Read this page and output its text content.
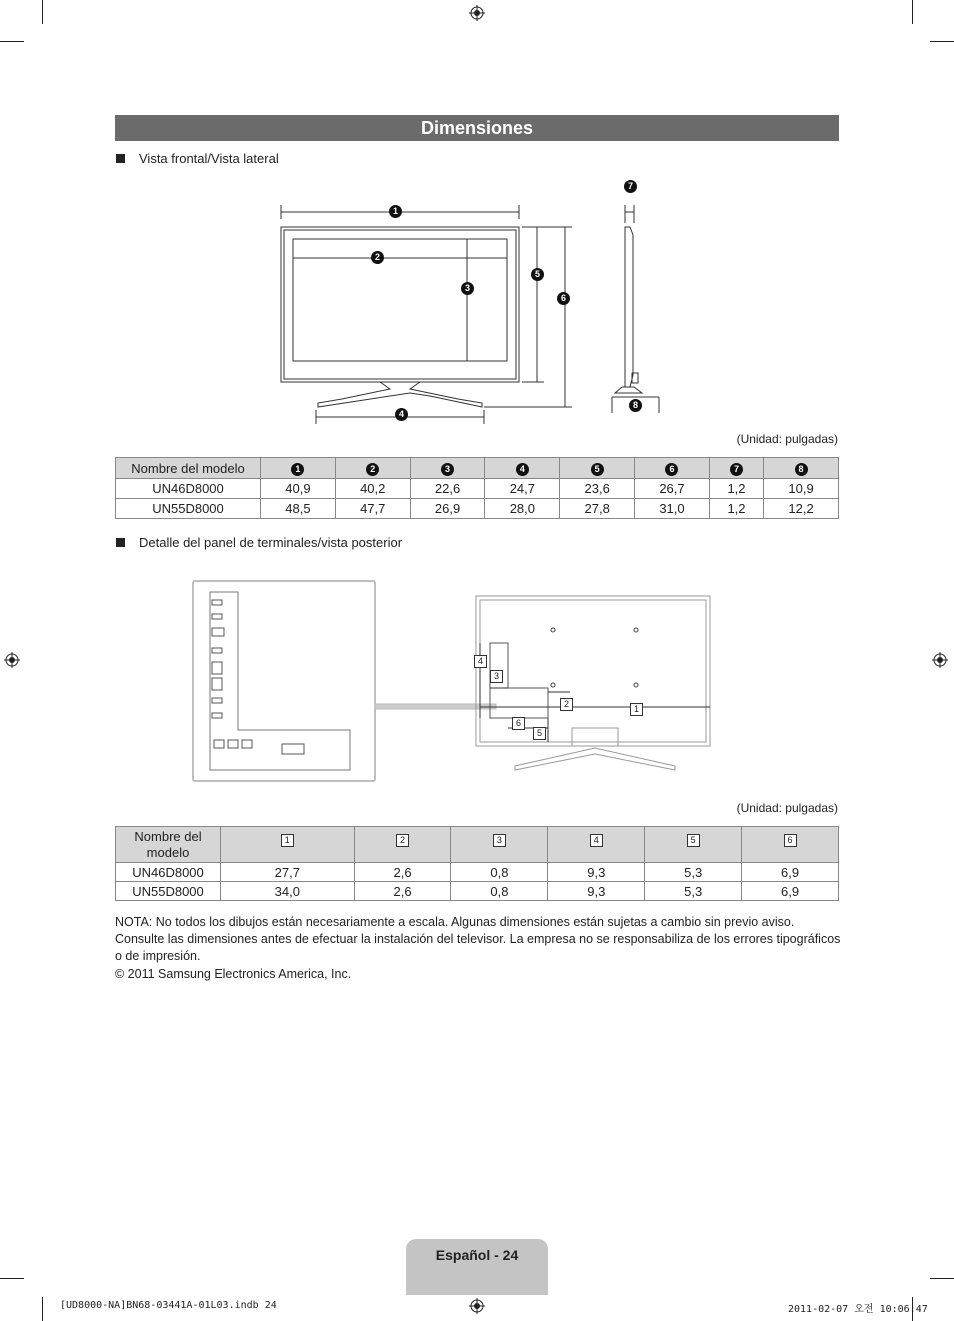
Dimensiones
Vista frontal/Vista lateral
1
2
3
4
5
6
7
8
(Unidad: pulgadas)
Nombre del modelo	1	2	3	4	5	6	7	8
UN46D8000	40,9	40,2	22,6	24,7	23,6	26,7	1,2	10,9
UN55D8000	48,5	47,7	26,9	28,0	27,8	31,0	1,2	12,2
Detalle del panel de terminales/vista posterior
1
2
3
4
5
6
(Unidad: pulgadas)
Nombre del modelo	1	2	3	4	5	6
UN46D8000	27,7	2,6	0,8	9,3	5,3	6,9
UN55D8000	34,0	2,6	0,8	9,3	5,3	6,9
NOTA: No todos los dibujos están necesariamente a escala. Algunas dimensiones están sujetas a cambio sin previo aviso. Consulte las dimensiones antes de efectuar la instalación del televisor. La empresa no se responsabiliza de los errores tipográficos o de impresión.
© 2011 Samsung Electronics America, Inc.
Español - 24
[UD8000-NA]BN68-03441A-01L03.indb 24	2011-02-07 오전 10:06:47
